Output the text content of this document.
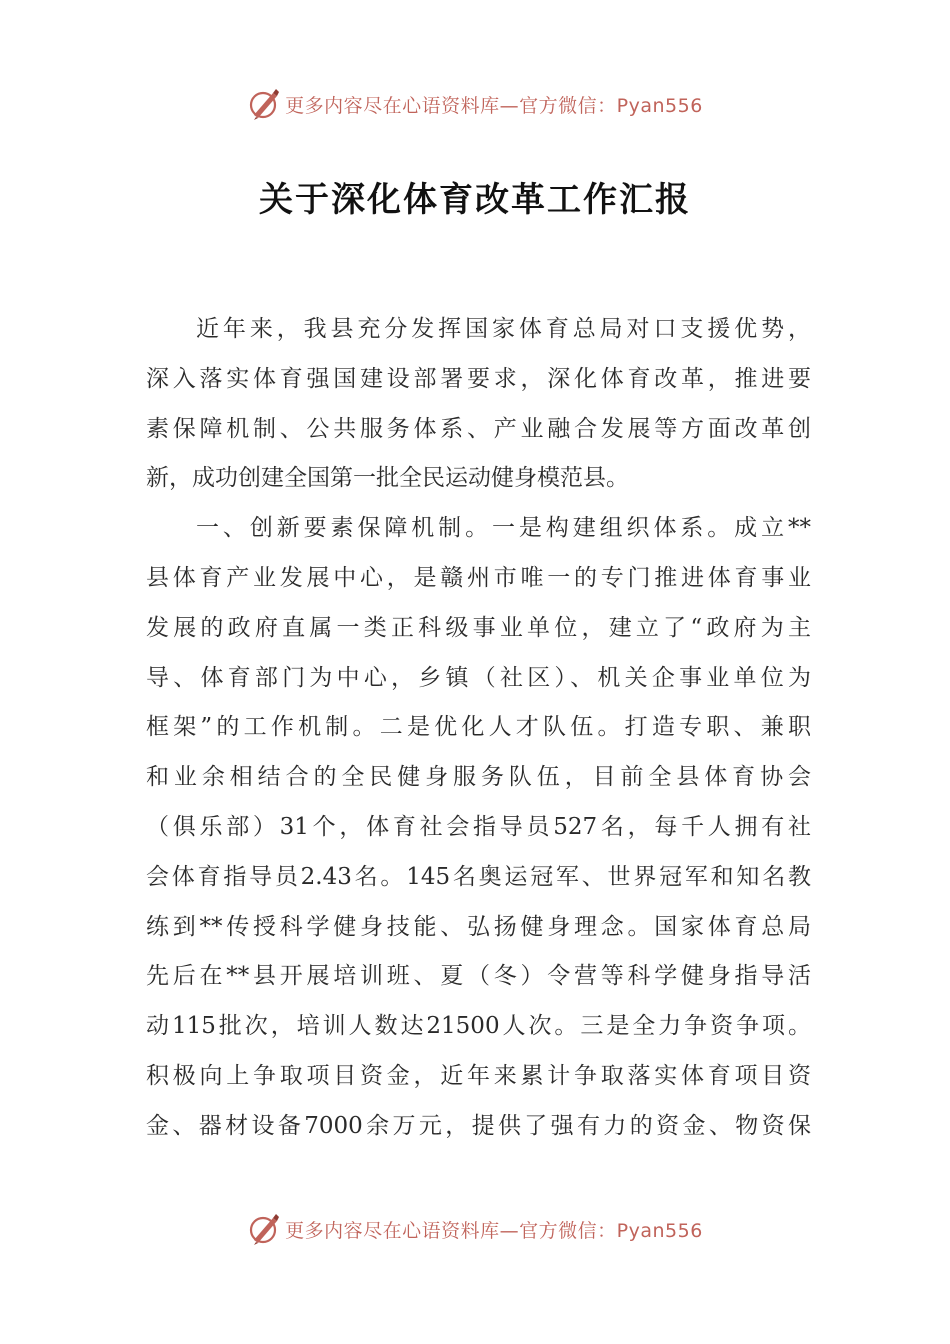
更多内容尽在心语资料库—官方微信：Pyan556
关于深化体育改革工作汇报
近年来，我县充分发挥国家体育总局对口支援优势，
深入落实体育强国建设部署要求，深化体育改革，推进要
素保障机制、公共服务体系、产业融合发展等方面改革创
新，成功创建全国第一批全民运动健身模范县。
一、创新要素保障机制。一是构建组织体系。成立**
县体育产业发展中心，是赣州市唯一的专门推进体育事业
发展的政府直属一类正科级事业单位，建立了“政府为主
导、体育部门为中心，乡镇（社区）、机关企事业单位为
框架”的工作机制。二是优化人才队伍。打造专职、兼职
和业余相结合的全民健身服务队伍，目前全县体育协会
（俱乐部）31个，体育社会指导员527名，每千人拥有社
会体育指导员2.43名。145名奥运冠军、世界冠军和知名教
练到**传授科学健身技能、弘扬健身理念。国家体育总局
先后在**县开展培训班、夏（冬）令营等科学健身指导活
动115批次，培训人数达21500人次。三是全力争资争项。
积极向上争取项目资金，近年来累计争取落实体育项目资
金、器材设备7000余万元，提供了强有力的资金、物资保
更多内容尽在心语资料库—官方微信：Pyan556
